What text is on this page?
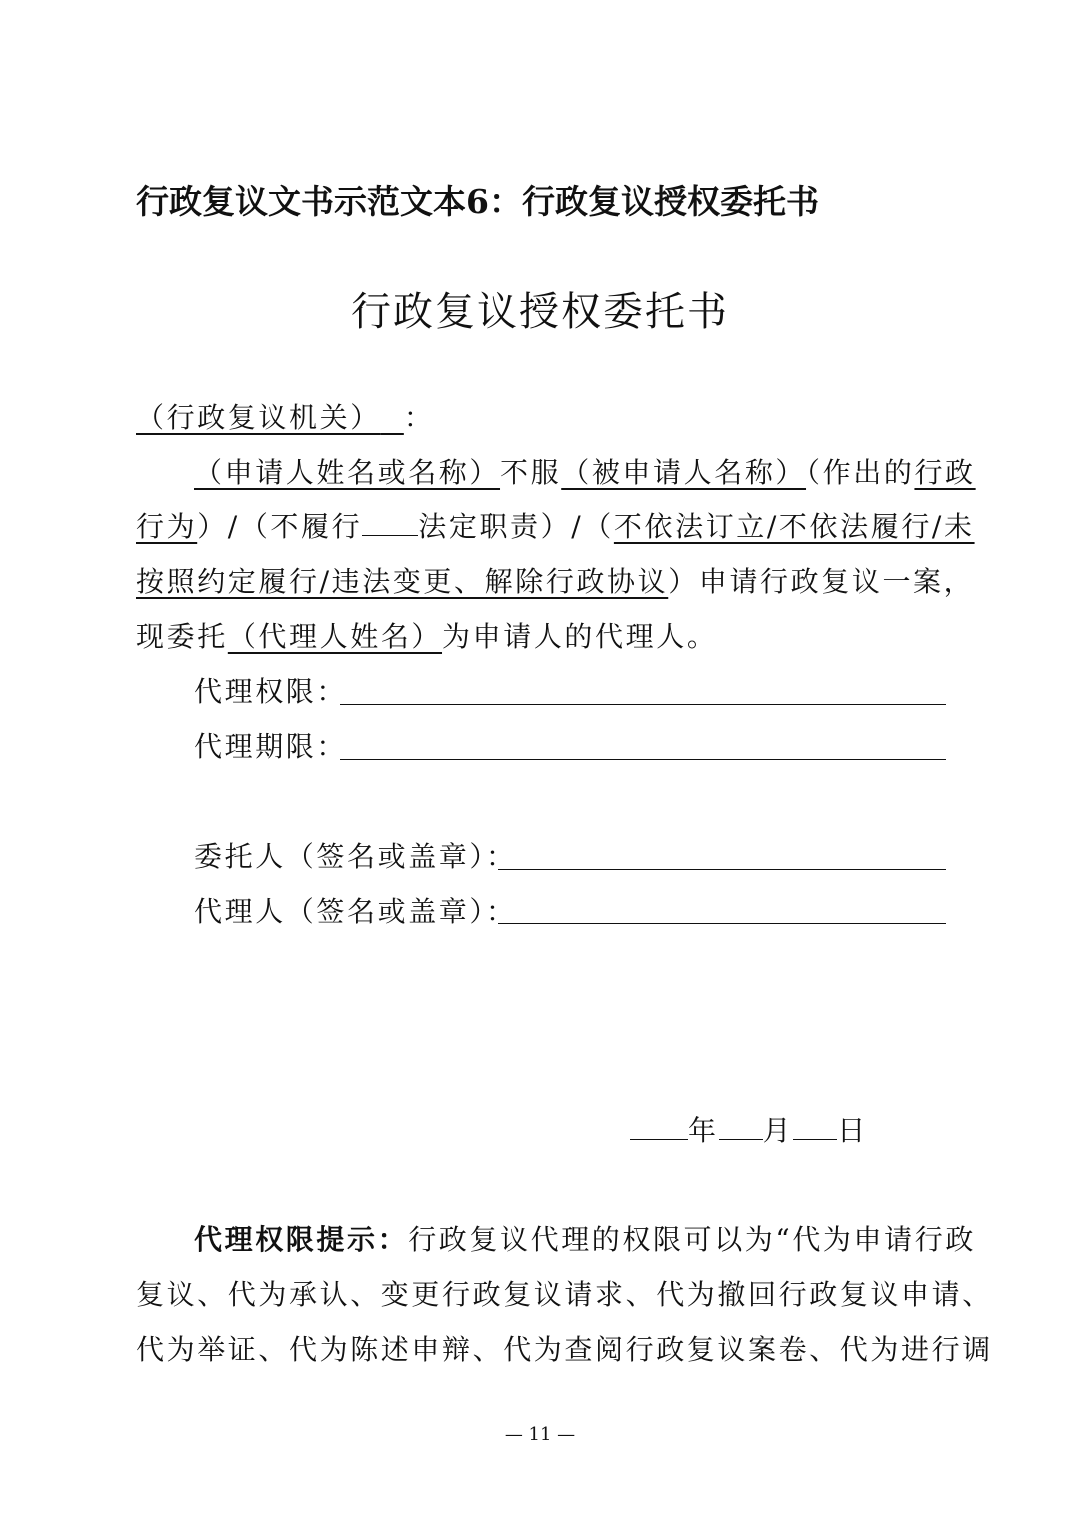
行政复议文书示范文本6：行政复议授权委托书
行政复议授权委托书
（行政复议机关） ：
（申请人姓名或名称）不服（被申请人名称）（作出的行政
行为）/（不履行 法定职责）/（不依法订立/不依法履行/未
按照约定履行/违法变更、解除行政协议）申请行政复议一案，
现委托（代理人姓名）为申请人的代理人。
代理权限：
代理期限：
委托人（签名或盖章）：
代理人（签名或盖章）：
年 月 日
代理权限提示：行政复议代理的权限可以为“代为申请行政
复议、代为承认、变更行政复议请求、代为撤回行政复议申请、
代为举证、代为陈述申辩、代为查阅行政复议案卷、代为进行调
— 11 —
